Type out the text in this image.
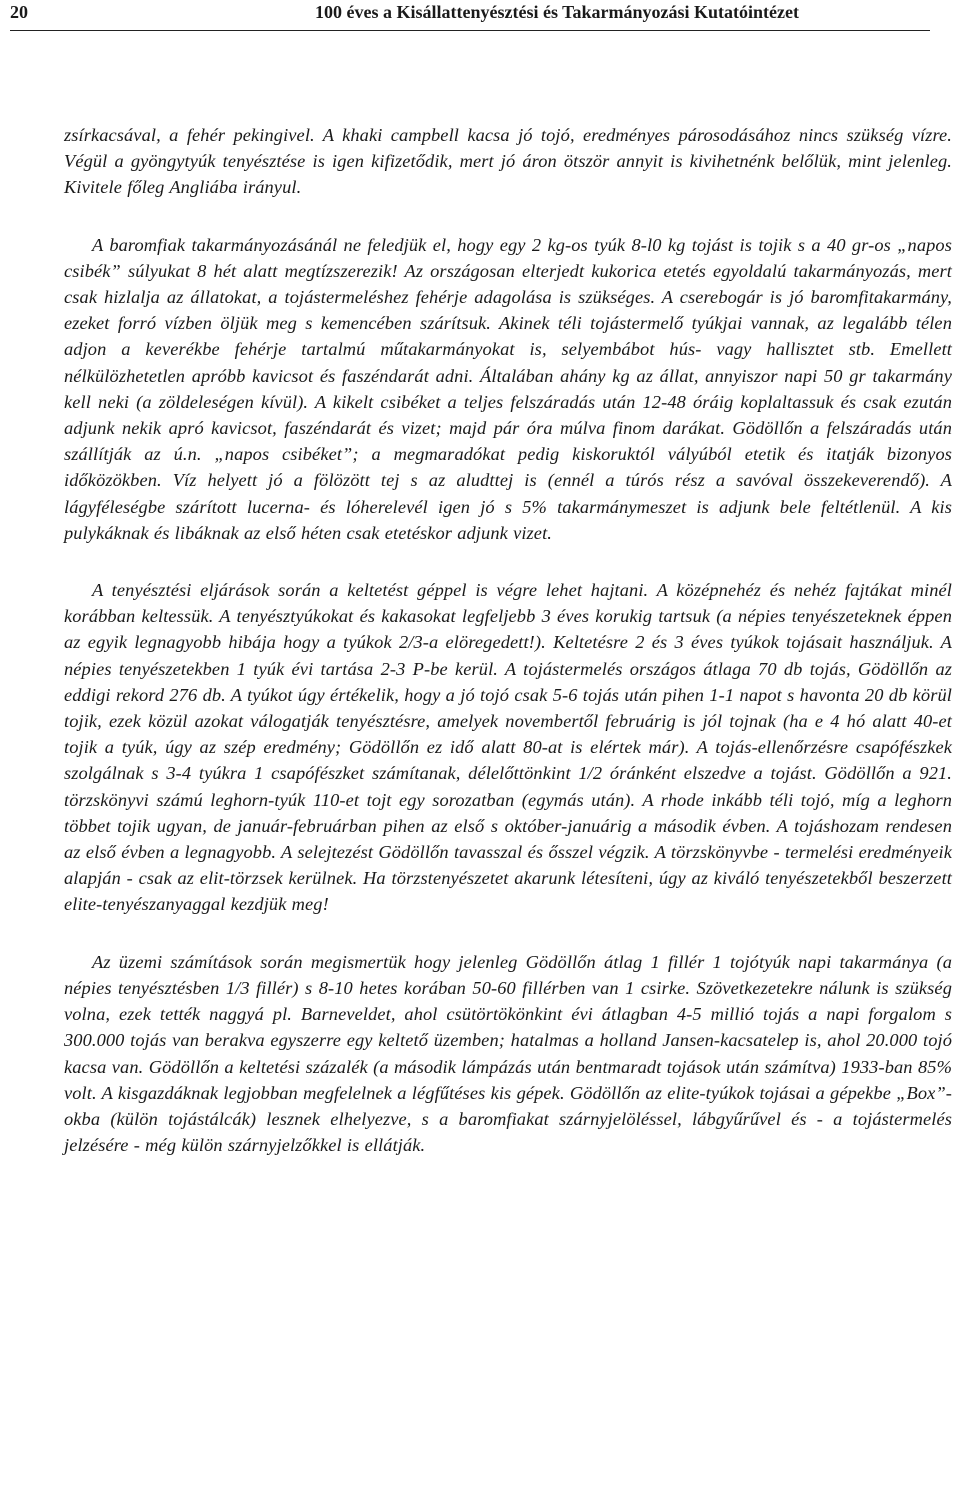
20	100 éves a Kisállattenyésztési és Takarmányozási Kutatóintézet

zsírkacsával, a fehér pekingivel. A khaki campbell kacsa jó tojó, eredményes párosodásához nincs szükség vízre. Végül a gyöngytyúk tenyésztése is igen kifizetődik, mert jó áron ötször annyit is kivihetnénk belőlük, mint jelenleg. Kivitele főleg Angliába irányul.

A baromfiak takarmányozásánál ne feledjük el, hogy egy 2 kg-os tyúk 8-l0 kg tojást is tojik s a 40 gr-os „napos csibék” súlyukat 8 hét alatt megtízszerezik! Az országosan elterjedt kukorica etetés egyoldalú takarmányozás, mert csak hizlalja az állatokat, a tojástermeléshez fehérje adagolása is szükséges. A cserebogár is jó baromfitakarmány, ezeket forró vízben öljük meg s kemencében szárítsuk. Akinek téli tojástermelő tyúkjai vannak, az legalább télen adjon a keverékbe fehérje tartalmú műtakarmányokat is, selyembábot hús- vagy hallisztet stb. Emellett nélkülözhetetlen apróbb kavicsot és faszéndarát adni. Általában ahány kg az állat, annyiszor napi 50 gr takarmány kell neki (a zöldeleségen kívül). A kikelt csibéket a teljes felszáradás után 12-48 óráig koplaltassuk és csak ezután adjunk nekik apró kavicsot, faszéndarát és vizet; majd pár óra múlva finom darákat. Gödöllőn a felszáradás után szállítják az ú.n. „napos csibéket”; a megmaradókat pedig kiskoruktól vályúból etetik és itatják bizonyos időközökben. Víz helyett jó a fölözött tej s az aludttej is (ennél a túrós rész a savóval összekeverendő). A lágyféleségbe szárított lucerna- és lóherelevél igen jó s 5% takarmánymeszet is adjunk bele feltétlenül. A kis pulykáknak és libáknak az első héten csak etetéskor adjunk vizet.

A tenyésztési eljárások során a keltetést géppel is végre lehet hajtani. A középnehéz és nehéz fajtákat minél korábban keltessük. A tenyésztyúkokat és kakasokat legfeljebb 3 éves korukig tartsuk (a népies tenyészeteknek éppen az egyik legnagyobb hibája hogy a tyúkok 2/3-a elöregedett!). Keltetésre 2 és 3 éves tyúkok tojásait használjuk. A népies tenyészetekben 1 tyúk évi tartása 2-3 P-be kerül. A tojástermelés országos átlaga 70 db tojás, Gödöllőn az eddigi rekord 276 db. A tyúkot úgy értékelik, hogy a jó tojó csak 5-6 tojás után pihen 1-1 napot s havonta 20 db körül tojik, ezek közül azokat válogatják tenyésztésre, amelyek novembertől februárig is jól tojnak (ha e 4 hó alatt 40-et tojik a tyúk, úgy az szép eredmény; Gödöllőn ez idő alatt 80-at is elértek már). A tojás-ellenőrzésre csapófészkek szolgálnak s 3-4 tyúkra 1 csapófészket számítanak, délelőttönkint 1/2 óránként elszedve a tojást. Gödöllőn a 921. törzskönyvi számú leghorn-tyúk 110-et tojt egy sorozatban (egymás után). A rhode inkább téli tojó, míg a leghorn többet tojik ugyan, de január-februárban pihen az első s október-januárig a második évben. A tojáshozam rendesen az első évben a legnagyobb. A selejtezést Gödöllőn tavasszal és ősszel végzik. A törzskönyvbe - termelési eredményeik alapján - csak az elit-törzsek kerülnek. Ha törzstenyészetet akarunk létesíteni, úgy az kiváló tenyészetekből beszerzett elite-tenyészanyaggal kezdjük meg!

Az üzemi számítások során megismertük hogy jelenleg Gödöllőn átlag 1 fillér 1 tojótyúk napi takarmánya (a népies tenyésztésben 1/3 fillér) s 8-10 hetes korában 50-60 fillérben van 1 csirke. Szövetkezetekre nálunk is szükség volna, ezek tették naggyá pl. Barneveldet, ahol csütörtökönkint évi átlagban 4-5 millió tojás a napi forgalom s 300.000 tojás van berakva egyszerre egy keltető üzemben; hatalmas a holland Jansen-kacsatelep is, ahol 20.000 tojó kacsa van. Gödöllőn a keltetési százalék (a második lámpázás után bentmaradt tojások után számítva) 1933-ban 85% volt. A kisgazdáknak legjobban megfelelnek a légfűtéses kis gépek. Gödöllőn az elite-tyúkok tojásai a gépekbe „Box”-okba (külön tojástálcák) lesznek elhelyezve, s a baromfiakat szárnyjelöléssel, lábgyűrűvel és - a tojástermelés jelzésére - még külön szárnyjelzőkkel is ellátják.
